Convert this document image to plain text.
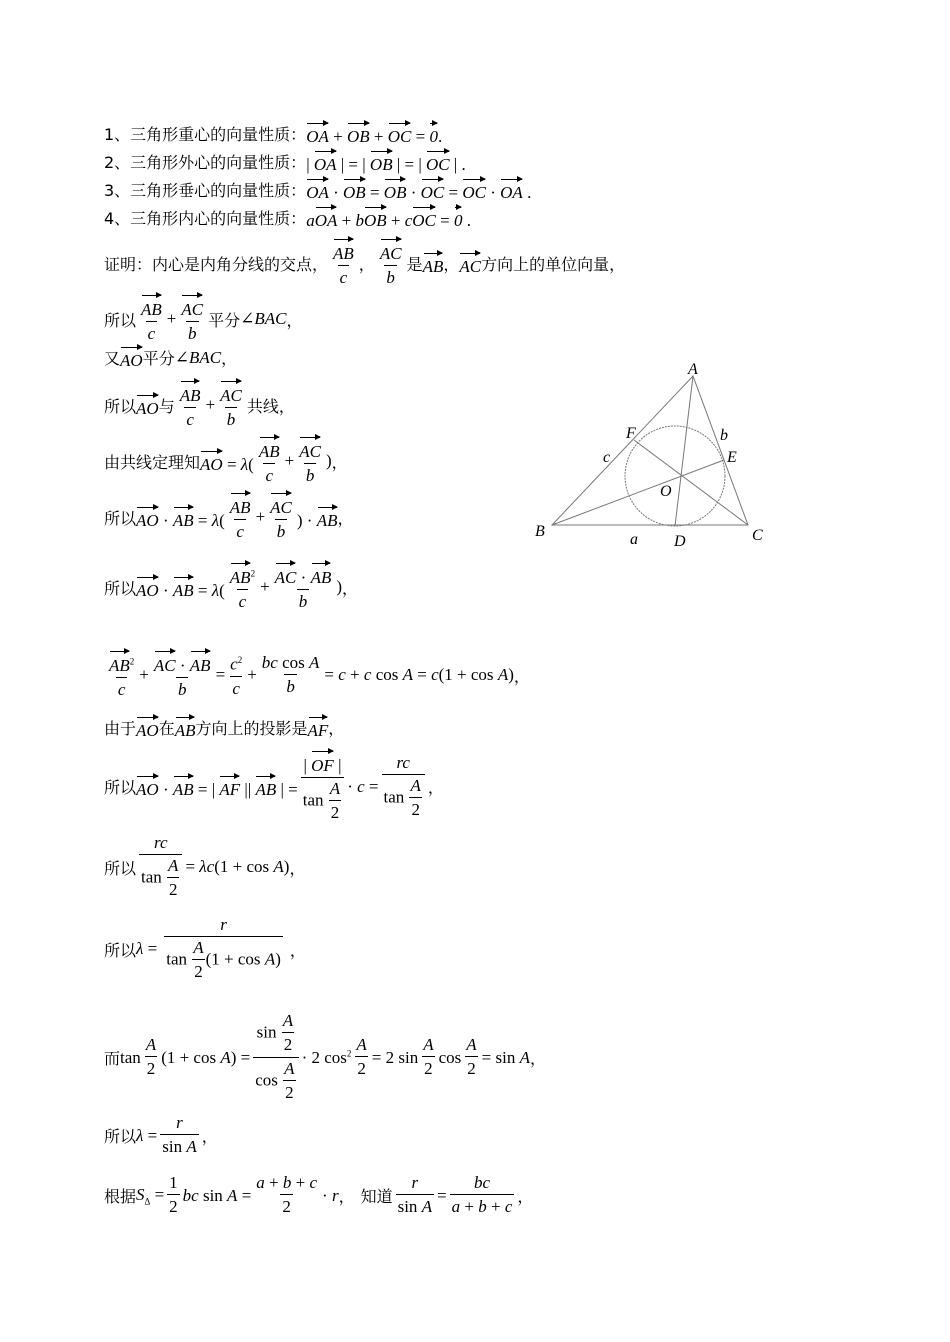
1、三角形重心的向量性质： OA + OB + OC = 0.
2、三角形外心的向量性质： | OA | = | OB | = | OC | .
3、三角形垂心的向量性质： OA · OB = OB · OC = OC · OA .
4、三角形内心的向量性质： aOA + bOB + cOC = 0 .
证明：内心是内角分线的交点， $\frac{AB}{c}$ ， $\frac{AC}{b}$ 是 AB ， AC 方向上的单位向量，
所以 $\frac{AB}{c} + \frac{AC}{b}$ 平分 ∠BAC ，
又 AO 平分 ∠BAC ，
所以 AO 与 $\frac{AB}{c} + \frac{AC}{b}$ 共线，
由共线定理知 AO = $\lambda( \frac{AB}{c} + \frac{AC}{b}$ ) ，
所以 AO · AB = $\lambda( \frac{AB}{c} + \frac{AC}{b}$ ) · AB ，
所以 AO · AB = $\lambda( \frac{AB^2}{c} + \frac{AC \cdot AB}{b}$ ) ，
$\frac{AB^2}{c} + \frac{AC \cdot AB}{b} = \frac{c^2}{c} + \frac{\text{bc cos A}}{b} = c + c$ cos A = c(1 + cos A) ，
由于 AO 在 AB 方向上的投影是 AF ，
所以 AO · AB = | AF || AB | = $\frac{| OF |}{\tan \frac{A}{2}} \cdot c = \frac{rc}{\tan \frac{A}{2}}$ ，
所以 $\frac{rc}{\tan \frac{A}{2}} = \lambda c(1 + \cos A)$ ，
所以 $\lambda = \frac{r}{\tan \frac{A}{2} (1 + \cos A)}$ ，
而 $\tan \frac{A}{2} (1 + \cos A) = \frac{\sin \frac{A}{2}}{\cos \frac{A}{2}} \cdot 2$ $\cos^2 \frac{A}{2} = 2$ $\sin \frac{A}{2}$ $\cos \frac{A}{2} = \sin A$ ，
所以 $\lambda = \frac{r}{\text{sin A}}$ ，
根据 $S_\Delta = \frac{1}{2}$ bc $\sin A = \frac{a + b + c}{2} \cdot r$ ， 知道 $\frac{r}{\text{sin A}} = \frac{bc}{a + b + c}$ ，
A
B	C
D
E
F
O
a
b
c
